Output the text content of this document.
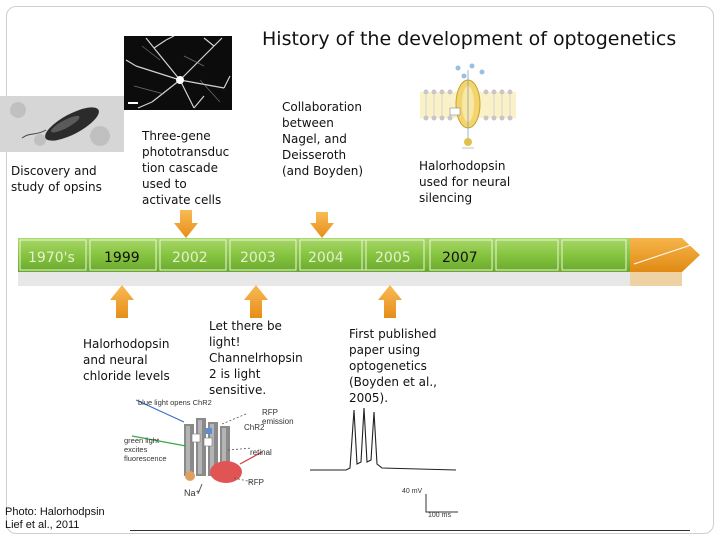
History of the development of optogenetics
1970's 1999 2002 2003 2004 2005 2007
blue light opens ChR2
green light excites fluorescence
ChR2
retinal
RFP emission
RFP
Na⁺	40 mV
100 ms
Discovery and
study of opsins
Three-gene
phototransduc
tion cascade
used to
activate cells
Collaboration
between
Nagel, and
Deisseroth
(and Boyden)	Halorhodopsin
used for neural
silencing
Halorhodopsin
and neural
chloride levels
Let there be
light!
Channelrhopsin
2 is light
sensitive.
First published
paper using
optogenetics
(Boyden et al.,
2005).
Photo: Halorhodpsin
Lief et al., 2011
